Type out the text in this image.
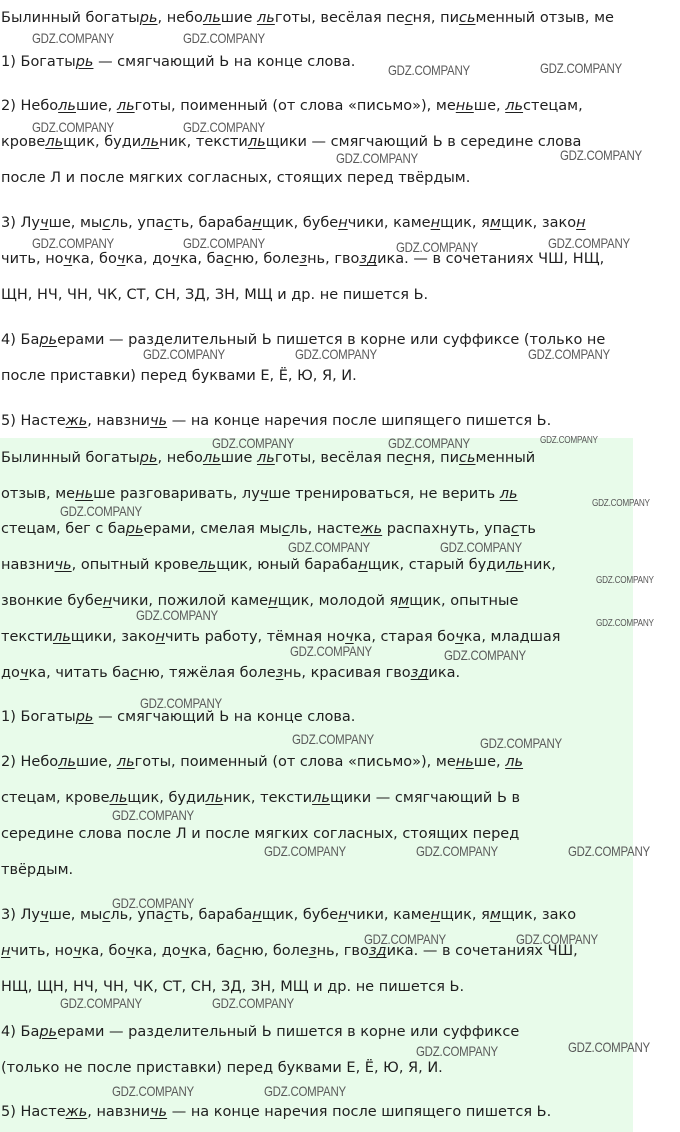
Былинный богатырь, небольшие льготы, весёлая песня, письменный отзыв, ме
1) Богатырь — смягчающий Ь на конце слова.
2) Небольшие, льготы, поименный (от слова «письмо»), меньше, льстецам,
кровельщик, будильник, текстильщики — смягчающий Ь в середине слова
после Л и после мягких согласных, стоящих перед твёрдым.
3) Лучше, мысль, упасть, барабанщик, бубенчики, каменщик, ямщик, закон
чить, ночка, бочка, дочка, басню, болезнь, гвоздика. — в сочетаниях ЧШ, НЩ,
ЩН, НЧ, ЧН, ЧК, СТ, СН, ЗД, ЗН, МЩ и др. не пишется Ь.
4) Барьерами — разделительный Ь пишется в корне или суффиксе (только не
после приставки) перед буквами Е, Ё, Ю, Я, И.
5) Настежь, навзничь — на конце наречия после шипящего пишется Ь.
Былинный богатырь, небольшие льготы, весёлая песня, письменный
отзыв, меньше разговаривать, лучше тренироваться, не верить ль
стецам, бег с барьерами, смелая мысль, настежь распахнуть, упасть
навзничь, опытный кровельщик, юный барабанщик, старый будильник,
звонкие бубенчики, пожилой каменщик, молодой ямщик, опытные
текстильщики, закончить работу, тёмная ночка, старая бочка, младшая
дочка, читать басню, тяжёлая болезнь, красивая гвоздика.
1) Богатырь — смягчающий Ь на конце слова.
2) Небольшие, льготы, поименный (от слова «письмо»), меньше, ль
стецам, кровельщик, будильник, текстильщики — смягчающий Ь в
середине слова после Л и после мягких согласных, стоящих перед
твёрдым.
3) Лучше, мысль, упасть, барабанщик, бубенчики, каменщик, ямщик, зако
нчить, ночка, бочка, дочка, басню, болезнь, гвоздика. — в сочетаниях ЧШ,
НЩ, ЩН, НЧ, ЧН, ЧК, СТ, СН, ЗД, ЗН, МЩ и др. не пишется Ь.
4) Барьерами — разделительный Ь пишется в корне или суффиксе
(только не после приставки) перед буквами Е, Ё, Ю, Я, И.
5) Настежь, навзничь — на конце наречия после шипящего пишется Ь.
GDZ.COMPANY	GDZ.COMPANY
GDZ.COMPANY	GDZ.COMPANY
GDZ.COMPANY	GDZ.COMPANY
GDZ.COMPANY	GDZ.COMPANY
GDZ.COMPANY	GDZ.COMPANY	GDZ.COMPANY	GDZ.COMPANY
GDZ.COMPANY	GDZ.COMPANY	GDZ.COMPANY
GDZ.COMPANY	GDZ.COMPANY	GDZ.COMPANY
GDZ.COMPANY
GDZ.COMPANY
GDZ.COMPANY	GDZ.COMPANY
GDZ.COMPANY
GDZ.COMPANY
GDZ.COMPANY
GDZ.COMPANY	GDZ.COMPANY
GDZ.COMPANY
GDZ.COMPANY	GDZ.COMPANY
GDZ.COMPANY
GDZ.COMPANY	GDZ.COMPANY	GDZ.COMPANY
GDZ.COMPANY
GDZ.COMPANY	GDZ.COMPANY
GDZ.COMPANY	GDZ.COMPANY
GDZ.COMPANY	GDZ.COMPANY
GDZ.COMPANY	GDZ.COMPANY
